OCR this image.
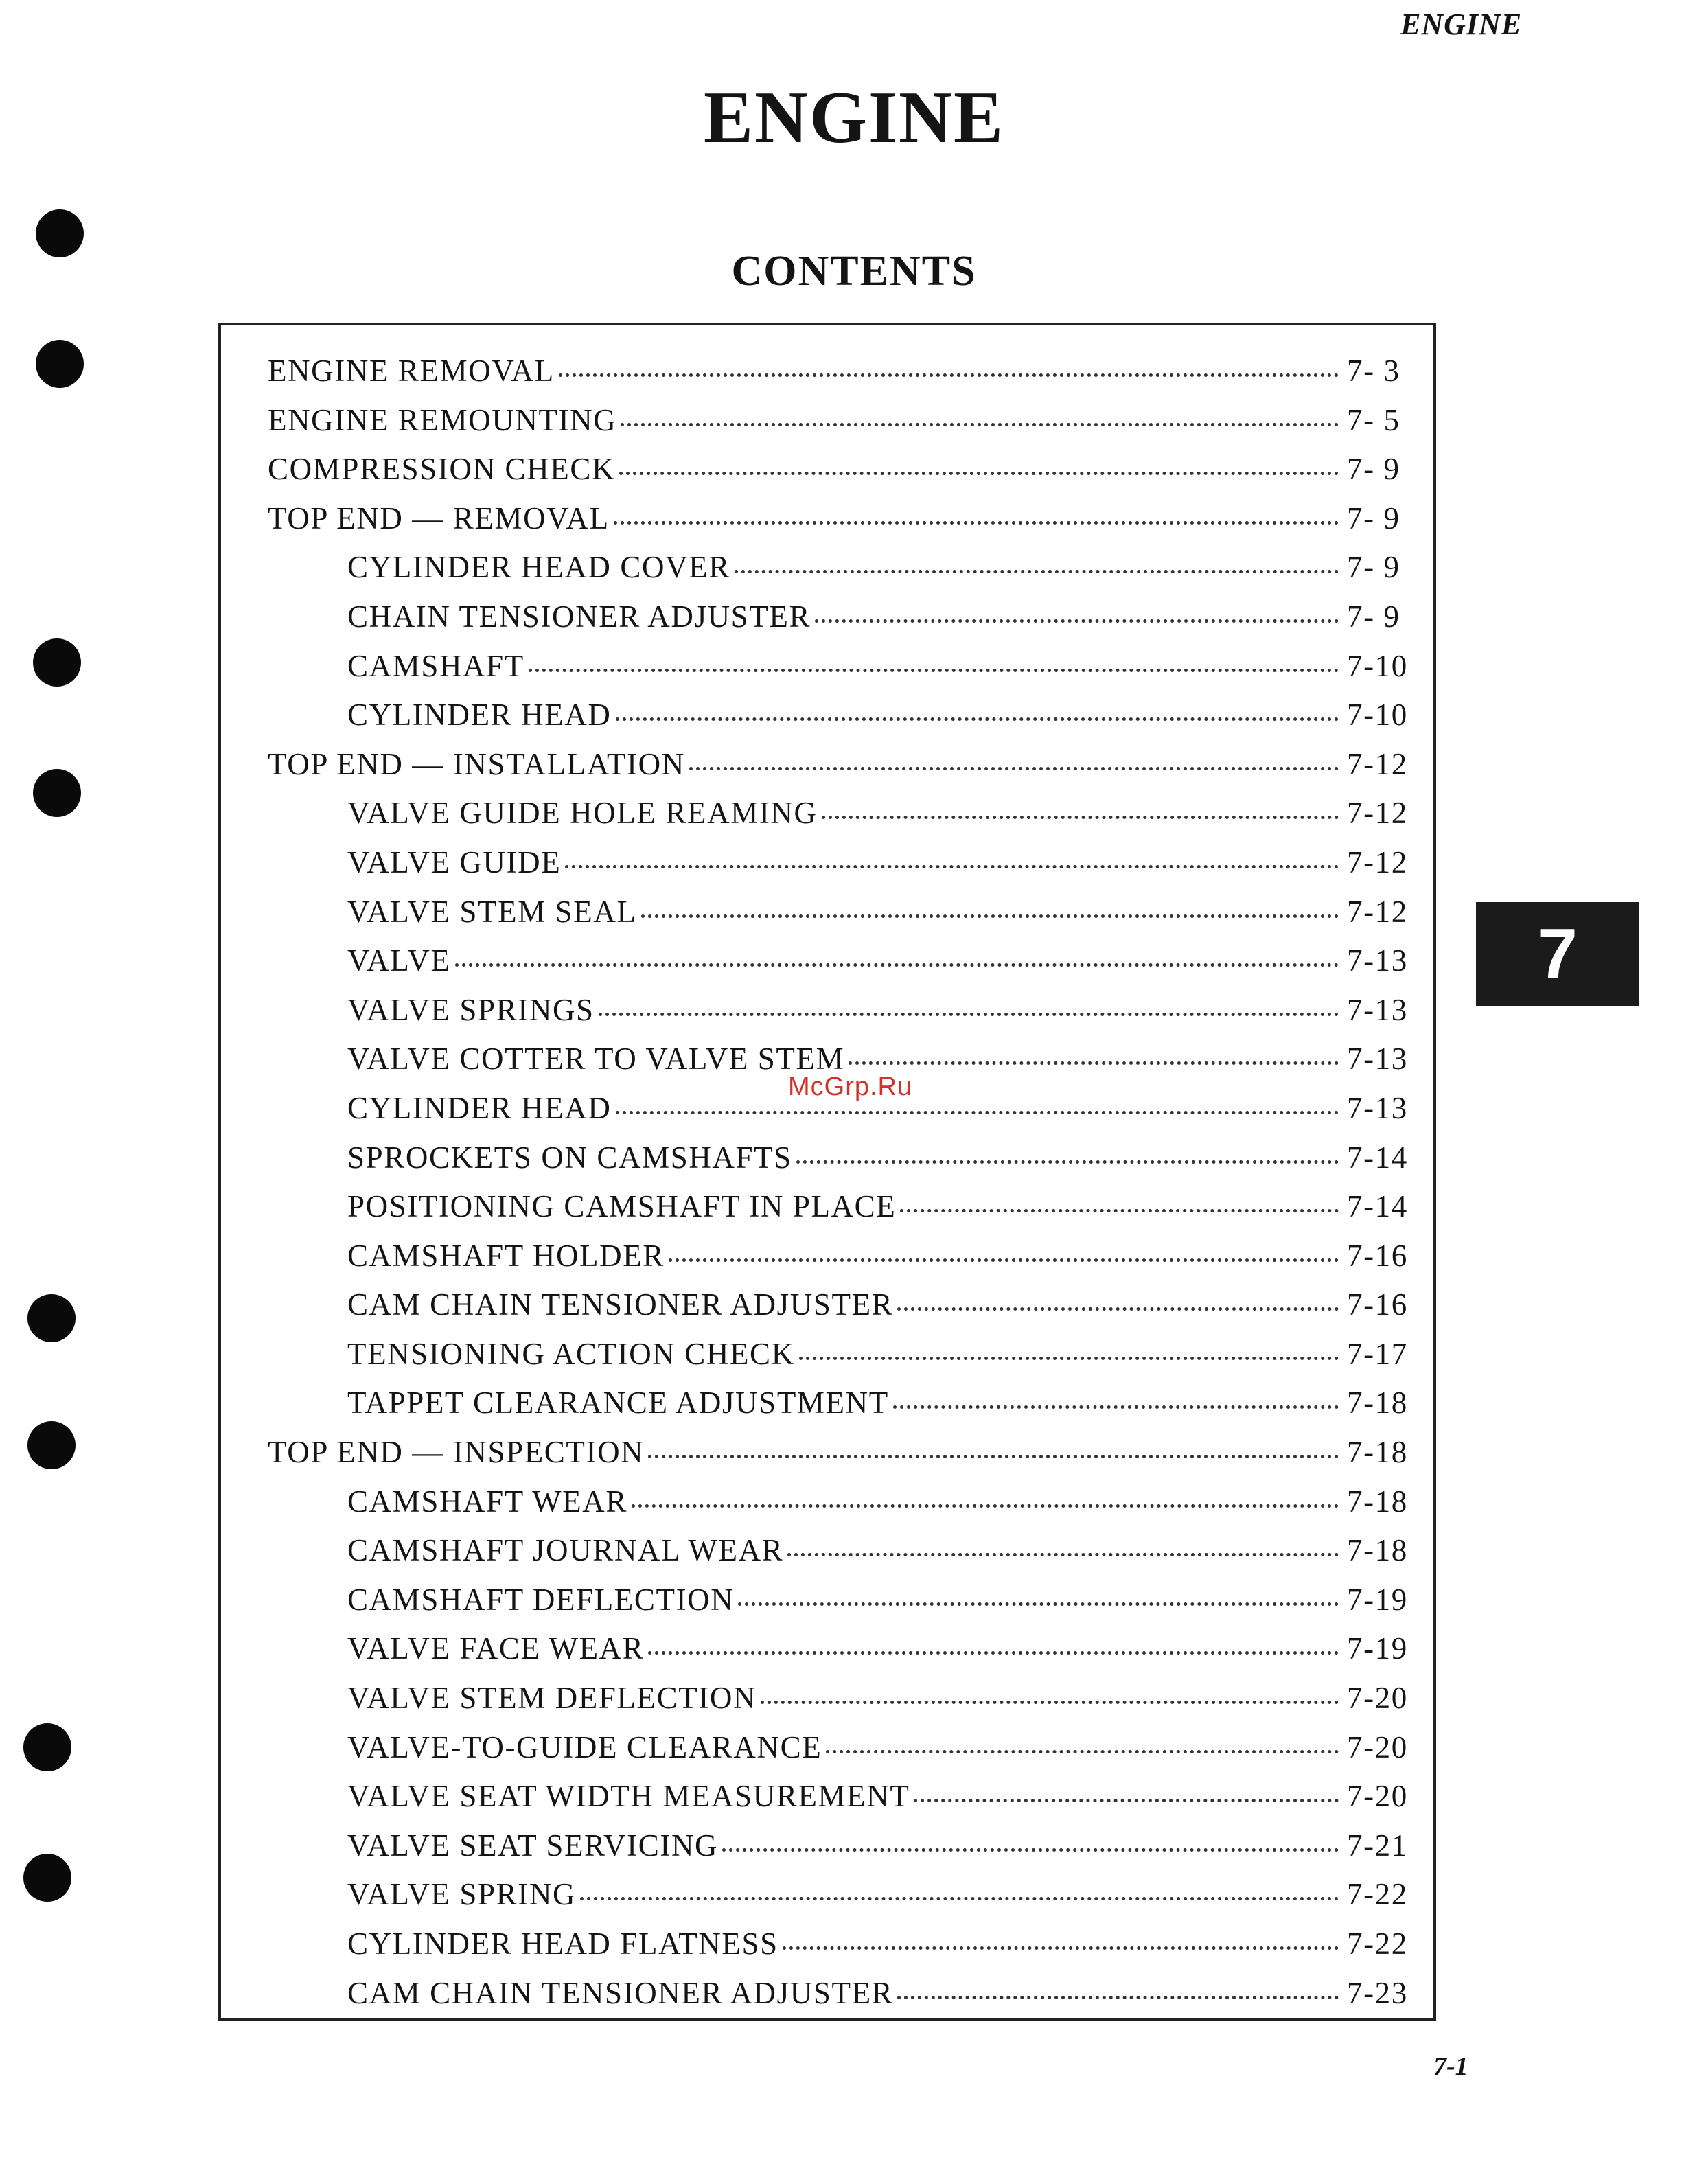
ENGINE
ENGINE
CONTENTS
ENGINE REMOVAL	7- 3
ENGINE REMOUNTING	7- 5
COMPRESSION CHECK	7- 9
TOP END — REMOVAL	7- 9
CYLINDER HEAD COVER	7- 9
CHAIN TENSIONER ADJUSTER	7- 9
CAMSHAFT	7-10
CYLINDER HEAD	7-10
TOP END — INSTALLATION	7-12
VALVE GUIDE HOLE REAMING	7-12
VALVE GUIDE	7-12
VALVE STEM SEAL	7-12
VALVE	7-13
VALVE SPRINGS	7-13
VALVE COTTER TO VALVE STEM	7-13
CYLINDER HEAD	7-13
SPROCKETS ON CAMSHAFTS	7-14
POSITIONING CAMSHAFT IN PLACE	7-14
CAMSHAFT HOLDER	7-16
CAM CHAIN TENSIONER ADJUSTER	7-16
TENSIONING ACTION CHECK	7-17
TAPPET CLEARANCE ADJUSTMENT	7-18
TOP END — INSPECTION	7-18
CAMSHAFT WEAR	7-18
CAMSHAFT JOURNAL WEAR	7-18
CAMSHAFT DEFLECTION	7-19
VALVE FACE WEAR	7-19
VALVE STEM DEFLECTION	7-20
VALVE-TO-GUIDE CLEARANCE	7-20
VALVE SEAT WIDTH MEASUREMENT	7-20
VALVE SEAT SERVICING	7-21
VALVE SPRING	7-22
CYLINDER HEAD FLATNESS	7-22
CAM CHAIN TENSIONER ADJUSTER	7-23
McGrp.Ru
7
7-1
